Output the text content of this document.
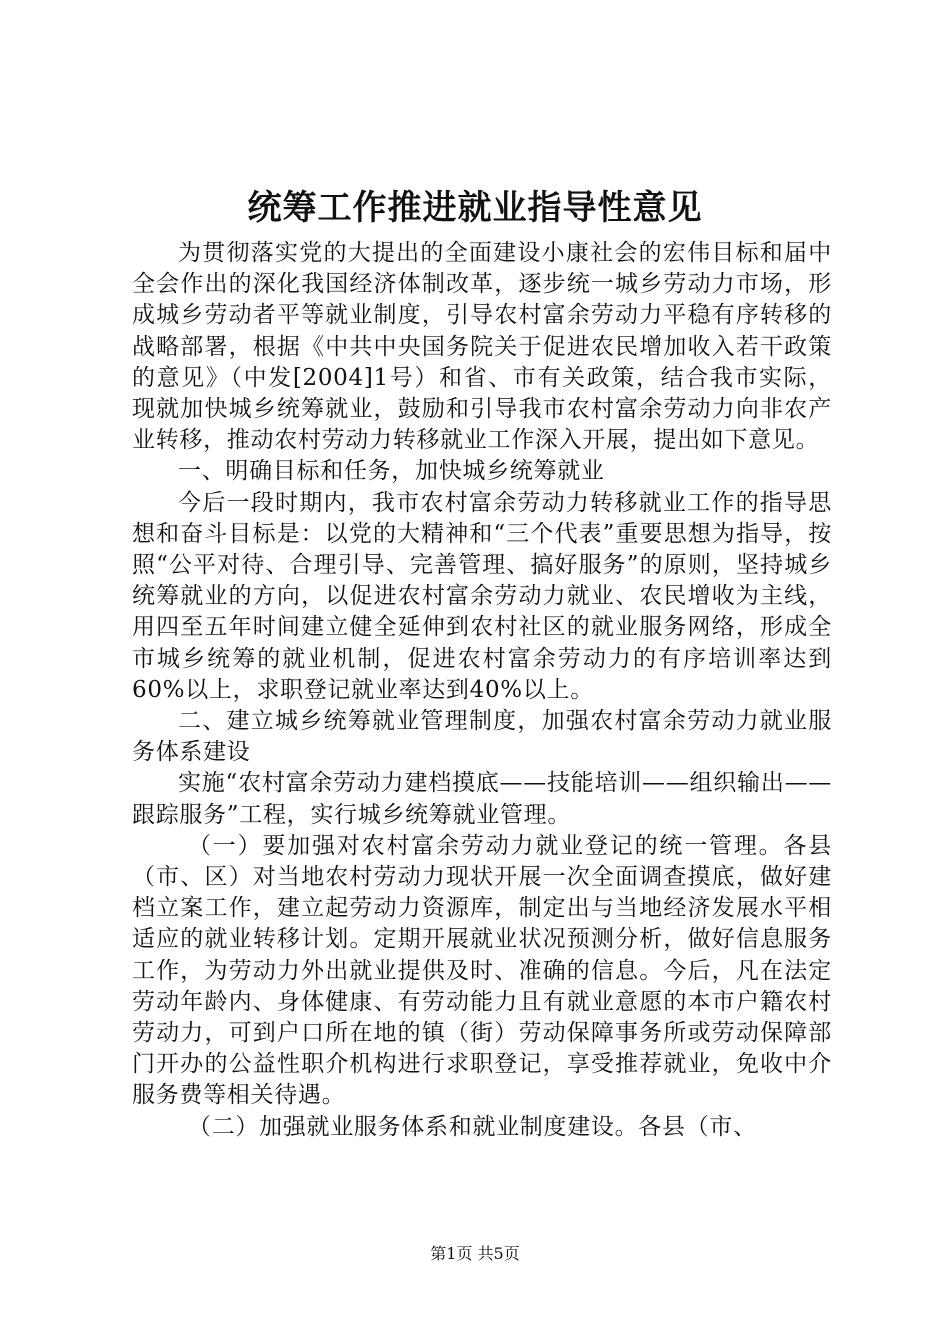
统筹工作推进就业指导性意见

为贯彻落实党的大提出的全面建设小康社会的宏伟目标和届中全会作出的深化我国经济体制改革，逐步统一城乡劳动力市场，形成城乡劳动者平等就业制度，引导农村富余劳动力平稳有序转移的战略部署，根据《中共中央国务院关于促进农民增加收入若干政策的意见》（中发[2004]1号）和省、市有关政策，结合我市实际，现就加快城乡统筹就业，鼓励和引导我市农村富余劳动力向非农产业转移，推动农村劳动力转移就业工作深入开展，提出如下意见。

一、明确目标和任务，加快城乡统筹就业

今后一段时期内，我市农村富余劳动力转移就业工作的指导思想和奋斗目标是：以党的大精神和“三个代表”重要思想为指导，按照“公平对待、合理引导、完善管理、搞好服务”的原则，坚持城乡统筹就业的方向，以促进农村富余劳动力就业、农民增收为主线，用四至五年时间建立健全延伸到农村社区的就业服务网络，形成全市城乡统筹的就业机制，促进农村富余劳动力的有序培训率达到60%以上，求职登记就业率达到40%以上。

二、建立城乡统筹就业管理制度，加强农村富余劳动力就业服务体系建设

实施“农村富余劳动力建档摸底——技能培训——组织输出——跟踪服务”工程，实行城乡统筹就业管理。

（一）要加强对农村富余劳动力就业登记的统一管理。各县（市、区）对当地农村劳动力现状开展一次全面调查摸底，做好建档立案工作，建立起劳动力资源库，制定出与当地经济发展水平相适应的就业转移计划。定期开展就业状况预测分析，做好信息服务工作，为劳动力外出就业提供及时、准确的信息。今后，凡在法定劳动年龄内、身体健康、有劳动能力且有就业意愿的本市户籍农村劳动力，可到户口所在地的镇（街）劳动保障事务所或劳动保障部门开办的公益性职介机构进行求职登记，享受推荐就业，免收中介服务费等相关待遇。

（二）加强就业服务体系和就业制度建设。各县（市、

第1页 共5页
